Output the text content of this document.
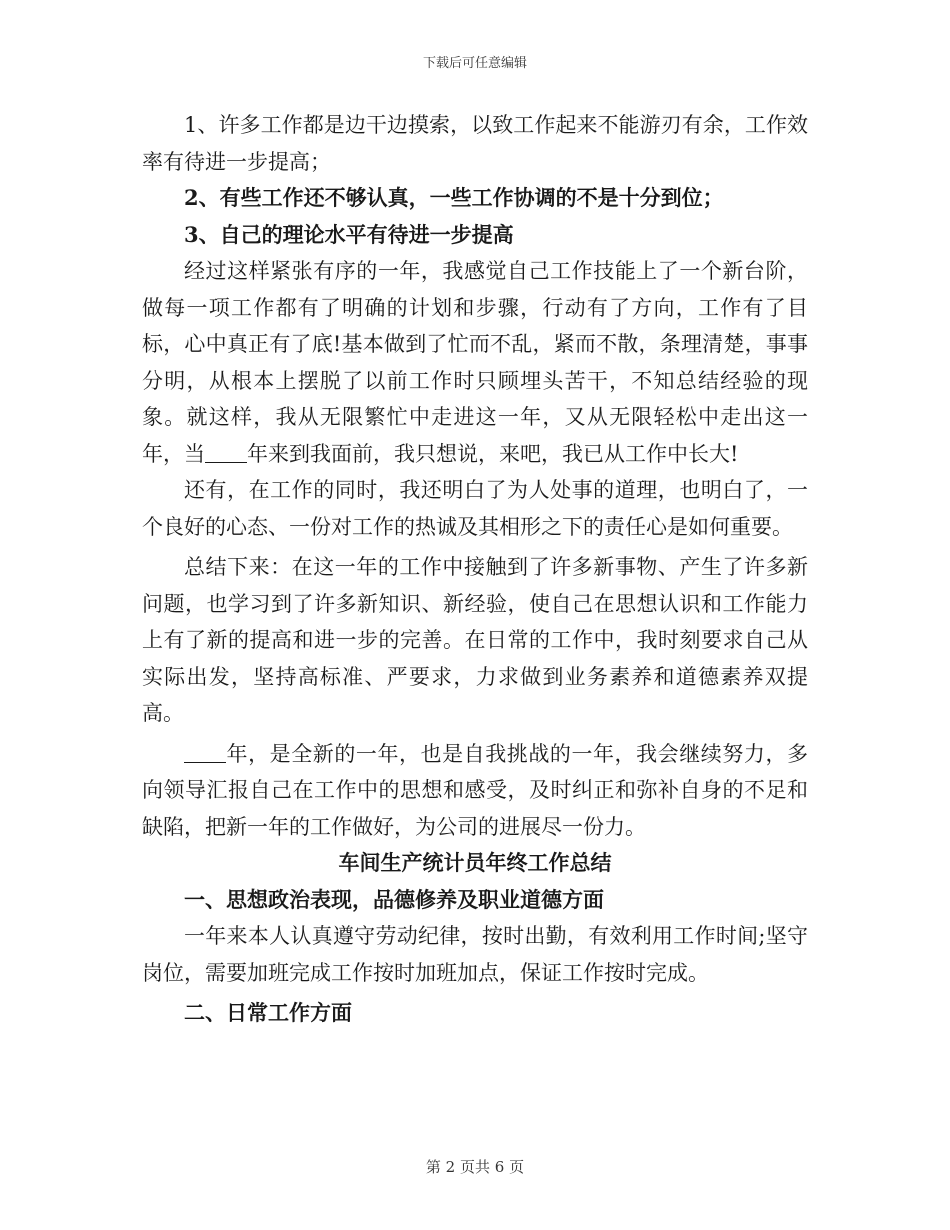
下载后可任意编辑

1、许多工作都是边干边摸索，以致工作起来不能游刃有余，工作效率有待进一步提高；

2、有些工作还不够认真，一些工作协调的不是十分到位；

3、自己的理论水平有待进一步提高

经过这样紧张有序的一年，我感觉自己工作技能上了一个新台阶，做每一项工作都有了明确的计划和步骤，行动有了方向，工作有了目标，心中真正有了底!基本做到了忙而不乱，紧而不散，条理清楚，事事分明，从根本上摆脱了以前工作时只顾埋头苦干，不知总结经验的现象。就这样，我从无限繁忙中走进这一年，又从无限轻松中走出这一年，当 年来到我面前，我只想说，来吧，我已从工作中长大!

还有，在工作的同时，我还明白了为人处事的道理，也明白了，一个良好的心态、一份对工作的热诚及其相形之下的责任心是如何重要。

总结下来：在这一年的工作中接触到了许多新事物、产生了许多新问题，也学习到了许多新知识、新经验，使自己在思想认识和工作能力上有了新的提高和进一步的完善。在日常的工作中，我时刻要求自己从实际出发，坚持高标准、严要求，力求做到业务素养和道德素养双提高。

年，是全新的一年，也是自我挑战的一年，我会继续努力，多向领导汇报自己在工作中的思想和感受，及时纠正和弥补自身的不足和缺陷，把新一年的工作做好，为公司的进展尽一份力。

车间生产统计员年终工作总结

一、思想政治表现，品德修养及职业道德方面

一年来本人认真遵守劳动纪律，按时出勤，有效利用工作时间;坚守岗位，需要加班完成工作按时加班加点，保证工作按时完成。

二、日常工作方面

第 2 页共 6 页
